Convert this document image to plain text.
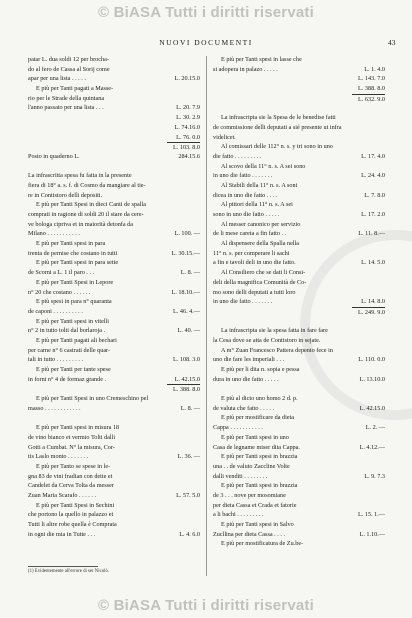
© BiASA Tutti i diritti riservati
NUOVI DOCUMENTI	43
patar L. dua soldi 12 per brocha-
do al fero de Cassa al Sorij come
apar per una lista . . . . .	L. 20.15.0
E più per Tanti pagati a Masse-
rio per le Strade della quintana
l'anno passato per una lista . . .	L. 20. 7.9
L. 30. 2.9
L. 74.16.0
L. 76. 0.0
L. 103. 8.0
Posto in quaderno L.	284.15.6
La infrascritta spesa fu fatta in la presente
fiera di 18° a. s. f. di Cosmo da mangiare al tie-
re in Contistoro delli depositi.
E più per Tanti Spesi in dieci Canti de spalla
comprati in ragione di soldi 20 il stare da cere-
ve bologa cipriva et in maiorità detonfa da
Milano . . . . . . . . . . .	L. 100. —
E più per Tanti spesi in para
trenta de pernise che costano in tutti	L. 30.15.—
E più per Tanti spesi in para sette
de Scorni a L. 1 il paro . . .	L. 8. —
E più per Tanti Spesi in Lepore
n° 20 che costano . . . . . .	L. 18.10.—
E più spesi in para n° quaranta
de caponi . . . . . . . . . .	L. 46. 4.—
E più per Tanti spesi in vitelli
n° 2 in tutto tolti dal borlaroja .	L. 40. —
E più per Tanti pagati ali bechari
per carne n° 6 castrati delle quar-
tali in tutto . . . . . . . . .	L. 108. 3.0
E più per Tanti per tante spese
in forni n° 4 de formaz grande .	L. 42.15.0
L. 388. 8.0
E più per Tanti Spesi in uno Cremeschino pel
masso . . . . . . . . . . . .	L. 8. —
E più per Tanti spesi in misura 18
de vino bianco et vermio Tolti dalli
Gotti a Cumbat. N° la misura, Cor-
tis Laslo monto . . . . . . .	L. 36. —
E più per Tanto se spese in le-
gna 83 de vini fradian con dette et
Candelet da Cerva Tolta da messer
Zuan Maria Scarafo . . . . . .	L. 57. 5.0
E più per Tanti Spesi in Sechini
che portono la quello in palazzo et
Tutti li altre robe quella è Comprata
in ogni die mia in Tutte . . .	L. 4. 6.0
E più per Tanti spesi in lasse che
si adopera in palazo . . . . .	L. 1. 4.0
L. 143. 7.0
L. 388. 8.0
L. 632. 9.0
La infrascripta sie la Spesa de le benedise fatti
de commissione delli deputati a sié presente ut infra
videlicet.
Al comissari delle 112° n. s. y tri sono in uno
die fatto . . . . . . . . .	L. 17. 4.0
Al scovo della 11° n. s. A sei sono
in uno die fatto . . . . . . .	L. 24. 4.0
Al Stabili della 11° n. s. A soni
dicea in uno die fatto . . . .	L. 7. 8.0
Al pittori della 11° n. s. A sei
sono in uno die fatto . . . . .	L. 17. 2.0
Al messer canonico per servizio
de li mese careta a fin fatto . .	L. 11. 8.—
Al dispensere della Spalla nella
11° n. s. per comperare li sachi
a fin e tavoli deli in uno die fatto.	L. 14. 5.0
Al Consiliero che se dati li Consi-
deli della magnifica Comunità de Co-
mo sono delli deputati a tutti loro
in uno die fatto . . . . . . .	L. 14. 8.0
L. 249. 9.0
La infrascripta sie la spesa fatta in fare fare
la Cesa dove se atta de Contistoro in sejate.
A m° Zuan Francesco Pattera depento fece in
uno die fare les imperiali . . .	L. 110. 0.0
E più per li dita n. sopia e pessa
dura in uno die fatto . . . . .	L. 13.10.0
E più al dicto uno homo 2 d. p.
de valuta che fatto . . . . .	L. 42.15.0
E più per mostificare da dieta
Cappa . . . . . . . . . . .	L. 2. —
E più per Tanti spesi in uno
Casa de legname miser dita Cappa.	L. 4.12.—
E più per Tanti spesi in brazzia
una . . de valuto Zaccline Volte
dalli venditi . . . . . . . .	L. 9. 7.3
E più per Tanti spesi in brazzia
de 3 . . . nove per mosomiane
per dieta Cassa et Crada et fatorie
a li bachi . . . . . . . . .	L. 15. 1.—
E più per Tanti spesi in Salvo
Zucllina per dieta Cassa . . . .	L. 1.10.—
E più per mostificatura de Zu.be-
(1) Evidentemente all'errore di ser Nicolò.
© BiASA Tutti i diritti riservati
